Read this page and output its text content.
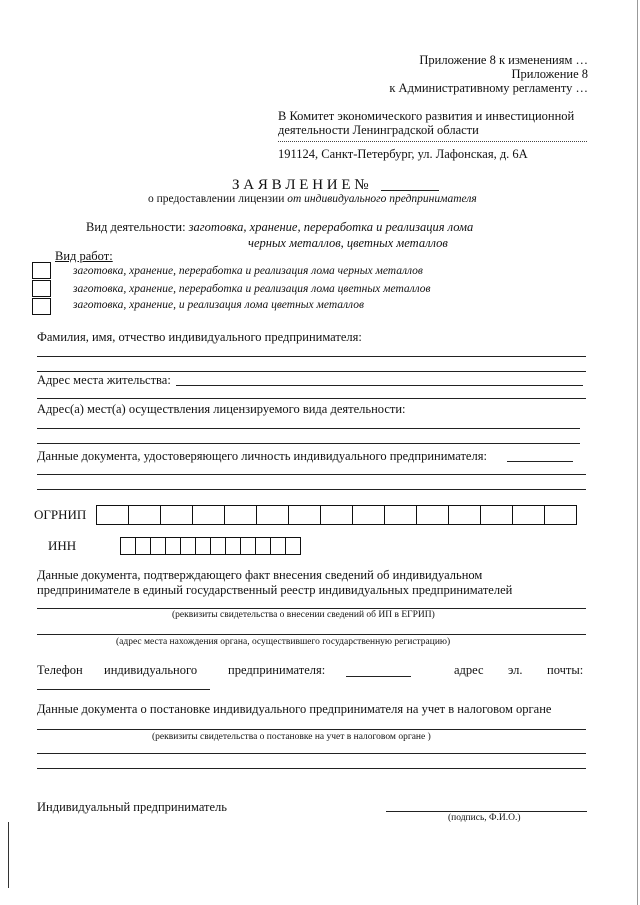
Приложение 8 к изменениям …
Приложение 8
к Административному регламенту …
В Комитет экономического развития и инвестиционной
деятельности Ленинградской области
191124, Санкт-Петербург, ул. Лафонская, д. 6А
З А Я В Л Е Н И Е №
о предоставлении лицензии от индивидуального предпринимателя
Вид деятельности: заготовка, хранение, переработка и реализация лома
черных металлов, цветных металлов
Вид работ:
заготовка, хранение, переработка и реализация лома черных металлов
заготовка, хранение, переработка и реализация лома цветных металлов
заготовка, хранение, и реализация лома цветных металлов
Фамилия, имя, отчество индивидуального предпринимателя:
Адрес места жительства:
Адрес(а) мест(а) осуществления лицензируемого вида деятельности:
Данные документа, удостоверяющего личность индивидуального предпринимателя:
ОГРНИП
ИНН
Данные документа, подтверждающего факт внесения сведений об индивидуальном
предпринимателе в единый государственный реестр индивидуальных предпринимателей
(реквизиты свидетельства о внесении сведений об ИП в ЕГРИП)
(адрес места нахождения органа, осуществившего государственную регистрацию)
Телефон индивидуального предпринимателя:	адрес эл. почты:
Данные документа о постановке индивидуального предпринимателя на учет в налоговом органе
(реквизиты свидетельства о постановке на учет в налоговом органе )
Индивидуальный предприниматель
(подпись, Ф.И.О.)
